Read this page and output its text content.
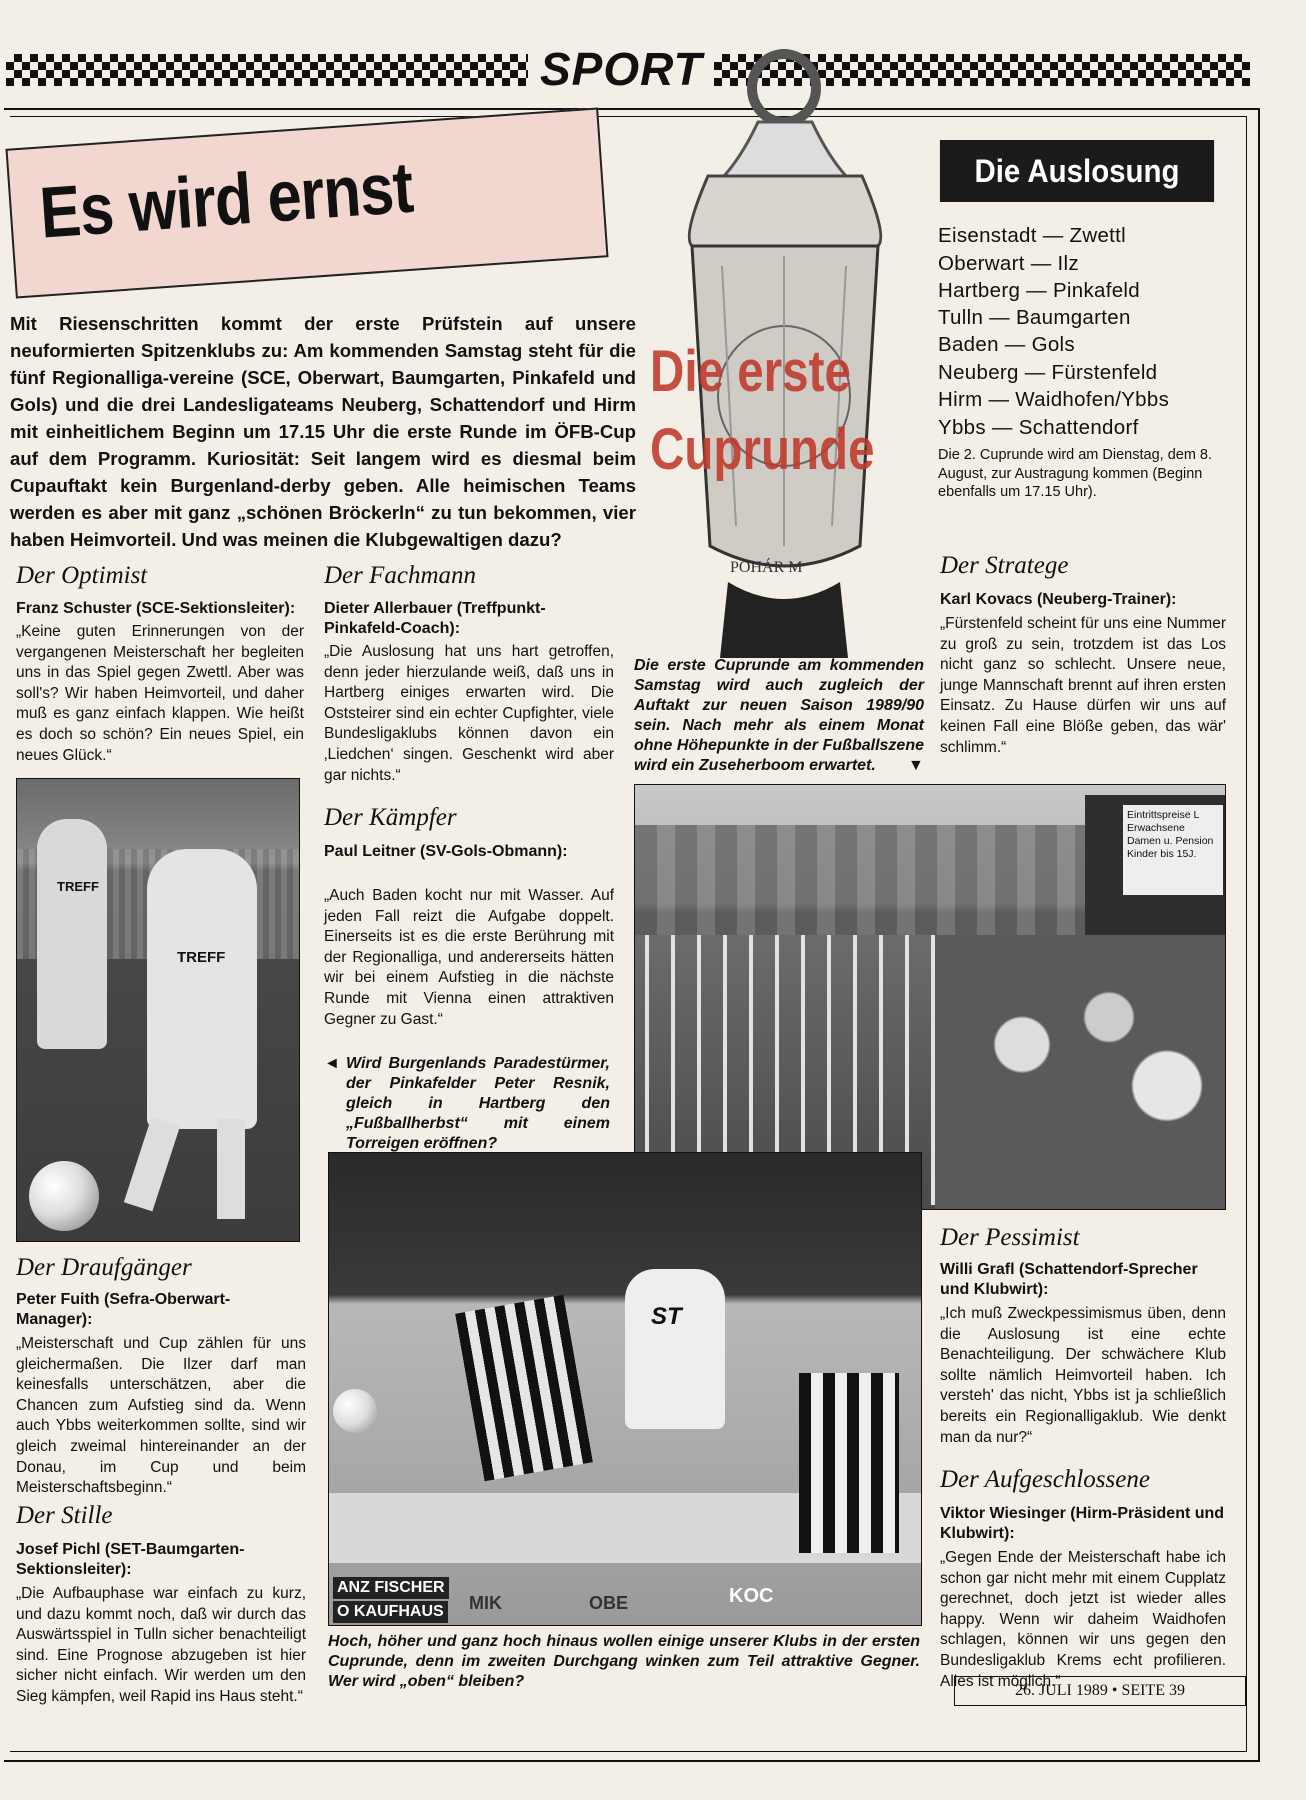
SPORT
Es wird ernst
Mit Riesenschritten kommt der erste Prüfstein auf unsere neuformierten Spitzenklubs zu: Am kommenden Samstag steht für die fünf Regionalliga-vereine (SCE, Oberwart, Baumgarten, Pinkafeld und Gols) und die drei Landesligateams Neuberg, Schattendorf und Hirm mit einheitlichem Beginn um 17.15 Uhr die erste Runde im ÖFB-Cup auf dem Programm. Kuriosität: Seit langem wird es diesmal beim Cupauftakt kein Burgenland-derby geben. Alle heimischen Teams werden es aber mit ganz „schönen Bröckerln“ zu tun bekommen, vier haben Heimvorteil. Und was meinen die Klubgewaltigen dazu?
POHÁR M
Die erste
Cuprunde
Die Auslosung
Eisenstadt — Zwettl
Oberwart — Ilz
Hartberg — Pinkafeld
Tulln — Baumgarten
Baden — Gols
Neuberg — Fürstenfeld
Hirm — Waidhofen/Ybbs
Ybbs — Schattendorf
Die 2. Cuprunde wird am Dienstag, dem 8. August, zur Austragung kommen (Beginn ebenfalls um 17.15 Uhr).
Der Optimist
Franz Schuster (SCE-Sektionsleiter):
„Keine guten Erinnerungen von der vergangenen Meisterschaft her begleiten uns in das Spiel gegen Zwettl. Aber was soll's? Wir haben Heimvorteil, und daher muß es ganz einfach klappen. Wie heißt es doch so schön? Ein neues Spiel, ein neues Glück.“
TREFF
TREFF
Der Draufgänger
Peter Fuith (Sefra-Oberwart-Manager):
„Meisterschaft und Cup zählen für uns gleichermaßen. Die Ilzer darf man keinesfalls unterschätzen, aber die Chancen zum Aufstieg sind da. Wenn auch Ybbs weiterkommen sollte, sind wir gleich zweimal hintereinander an der Donau, im Cup und beim Meisterschaftsbeginn.“
Der Stille
Josef Pichl (SET-Baumgarten-Sektionsleiter):
„Die Aufbauphase war einfach zu kurz, und dazu kommt noch, daß wir durch das Auswärtsspiel in Tulln sicher benachteiligt sind. Eine Prognose abzugeben ist hier sicher nicht einfach. Wir werden um den Sieg kämpfen, weil Rapid ins Haus steht.“
Der Fachmann
Dieter Allerbauer (Treffpunkt-Pinkafeld-Coach):
„Die Auslosung hat uns hart getroffen, denn jeder hierzulande weiß, daß uns in Hartberg einiges erwarten wird. Die Oststeirer sind ein echter Cupfighter, viele Bundesligaklubs können davon ein ‚Liedchen‘ singen. Geschenkt wird aber gar nichts.“
Der Kämpfer
Paul Leitner (SV-Gols-Obmann):
„Auch Baden kocht nur mit Wasser. Auf jeden Fall reizt die Aufgabe doppelt. Einerseits ist es die erste Berührung mit der Regionalliga, und andererseits hätten wir bei einem Aufstieg in die nächste Runde mit Vienna einen attraktiven Gegner zu Gast.“
◄ Wird Burgenlands Paradestürmer, der Pinkafelder Peter Resnik, gleich in Hartberg den „Fußballherbst“ mit einem Torreigen eröffnen?
Die erste Cuprunde am kommenden Samstag wird auch zugleich der Auftakt zur neuen Saison 1989/90 sein. Nach mehr als einem Monat ohne Höhepunkte in der Fußballszene wird ein Zuseherboom erwartet.	▼
Eintrittspreise L
Erwachsene
Damen u. Pension
Kinder bis 15J.
O KAUFHAUS
ANZ FISCHER
MIK	OBE	KOC
ST
Hoch, höher und ganz hoch hinaus wollen einige unserer Klubs in der ersten Cuprunde, denn im zweiten Durchgang winken zum Teil attraktive Gegner. Wer wird „oben“ bleiben?
Der Stratege
Karl Kovacs (Neuberg-Trainer):
„Fürstenfeld scheint für uns eine Nummer zu groß zu sein, trotzdem ist das Los nicht ganz so schlecht. Unsere neue, junge Mannschaft brennt auf ihren ersten Einsatz. Zu Hause dürfen wir uns auf keinen Fall eine Blöße geben, das wär' schlimm.“
Der Pessimist
Willi Grafl (Schattendorf-Sprecher und Klubwirt):
„Ich muß Zweckpessimismus üben, denn die Auslosung ist eine echte Benachteiligung. Der schwächere Klub sollte nämlich Heimvorteil haben. Ich versteh' das nicht, Ybbs ist ja schließlich bereits ein Regionalligaklub. Wie denkt man da nur?“
Der Aufgeschlossene
Viktor Wiesinger (Hirm-Präsident und Klubwirt):
„Gegen Ende der Meisterschaft habe ich schon gar nicht mehr mit einem Cupplatz gerechnet, doch jetzt ist wieder alles happy. Wenn wir daheim Waidhofen schlagen, können wir uns gegen den Bundesligaklub Krems echt profilieren. Alles ist möglich.“
26. JULI 1989 • SEITE 39
